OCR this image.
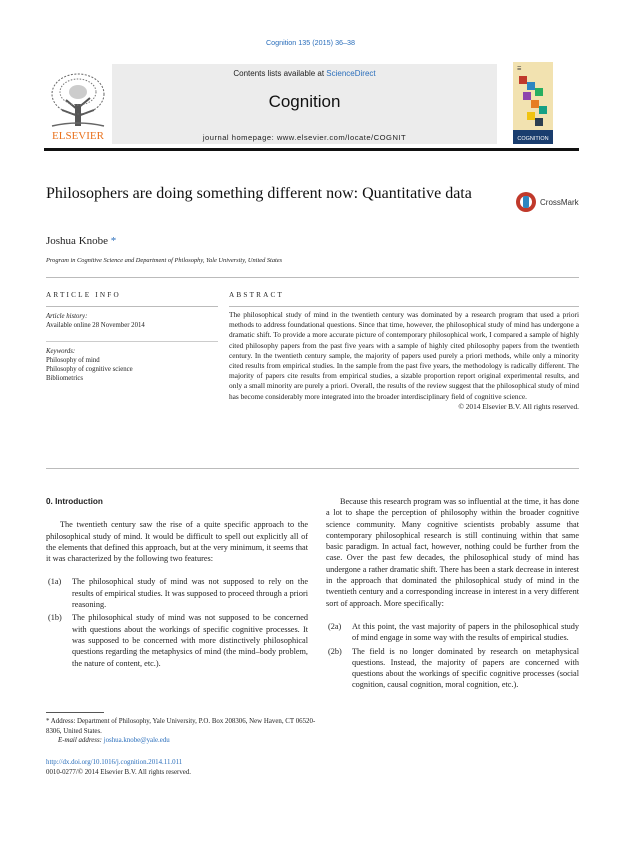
Cognition 135 (2015) 36–38
ELSEVIER
Contents lists available at ScienceDirect
Cognition
journal homepage: www.elsevier.com/locate/COGNIT
☰
COGNITION
Philosophers are doing something different now: Quantitative data
CrossMark
Joshua Knobe *
Program in Cognitive Science and Department of Philosophy, Yale University, United States
ARTICLE INFO	ABSTRACT
Article history:
Available online 28 November 2014
Keywords:
Philosophy of mind
Philosophy of cognitive science
Bibliometrics

The philosophical study of mind in the twentieth century was dominated by a research program that used a priori methods to address foundational questions. Since that time, however, the philosophical study of mind has undergone a dramatic shift. To provide a more accurate picture of contemporary philosophical work, I compared a sample of highly cited philosophy papers from the past five years with a sample of highly cited philosophy papers from the twentieth century. In the twentieth century sample, the majority of papers used purely a priori methods, while only a minority cited results from empirical studies. In the sample from the past five years, the methodology is radically different. The majority of papers cite results from empirical studies, a sizable proportion report original experimental results, and only a small minority are purely a priori. Overall, the results of the review suggest that the philosophical study of mind has become considerably more integrated into the broader interdisciplinary field of cognitive science.

© 2014 Elsevier B.V. All rights reserved.

0. Introduction

The twentieth century saw the rise of a quite specific approach to the philosophical study of mind. It would be difficult to spell out explicitly all of the elements that defined this approach, but at the very minimum, it seems that it was characterized by the following two features:

(1a)	The philosophical study of mind was not supposed to rely on the results of empirical studies. It was supposed to proceed through a priori reasoning.
(1b)	The philosophical study of mind was not supposed to be concerned with questions about the workings of specific cognitive processes. It was supposed to be concerned with more distinctively philosophical questions regarding the metaphysics of mind (the mind–body problem, the nature of content, etc.).

Because this research program was so influential at the time, it has done a lot to shape the perception of philosophy within the broader cognitive science community. Many cognitive scientists probably assume that contemporary philosophical research is still continuing within that same basic paradigm. In actual fact, however, nothing could be further from the case. Over the past few decades, the philosophical study of mind has undergone a rather dramatic shift. There has been a stark decrease in interest in the approach that dominated the philosophical study of mind in the twentieth century and a corresponding increase in interest in a very different sort of approach. More specifically:

(2a)	At this point, the vast majority of papers in the philosophical study of mind engage in some way with the results of empirical studies.
(2b)	The field is no longer dominated by research on metaphysical questions. Instead, the majority of papers are concerned with questions about the workings of specific cognitive processes (social cognition, causal cognition, moral cognition, etc.).
* Address: Department of Philosophy, Yale University, P.O. Box 208306, New Haven, CT 06520-8306, United States.
E-mail address: joshua.knobe@yale.edu
http://dx.doi.org/10.1016/j.cognition.2014.11.011
0010-0277/© 2014 Elsevier B.V. All rights reserved.
